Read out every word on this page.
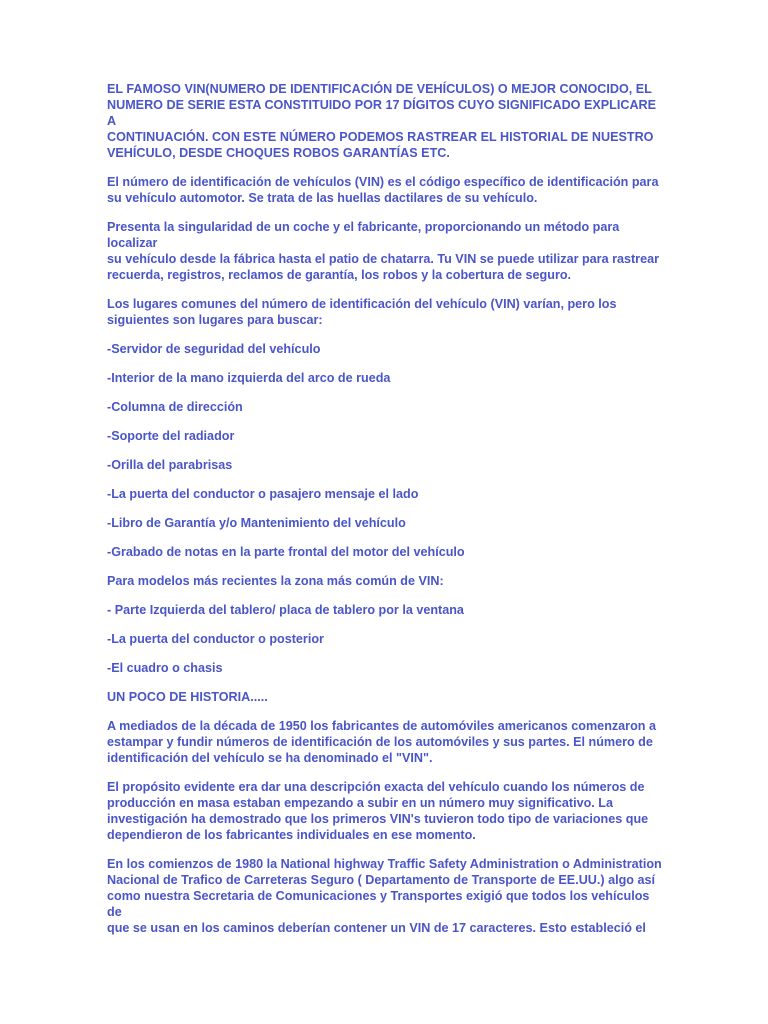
EL FAMOSO VIN(NUMERO DE IDENTIFICACIÓN DE VEHÍCULOS) O MEJOR CONOCIDO, EL
NUMERO DE SERIE ESTA CONSTITUIDO POR 17 DÍGITOS CUYO SIGNIFICADO EXPLICARE A
CONTINUACIÓN. CON ESTE NÚMERO PODEMOS RASTREAR EL HISTORIAL DE NUESTRO
VEHÍCULO, DESDE CHOQUES ROBOS GARANTÍAS ETC.

El número de identificación de vehículos (VIN) es el código específico de identificación para
su vehículo automotor. Se trata de las huellas dactilares de su vehículo.

Presenta la singularidad de un coche y el fabricante, proporcionando un método para localizar
su vehículo desde la fábrica hasta el patio de chatarra. Tu VIN se puede utilizar para rastrear
recuerda, registros, reclamos de garantía, los robos y la cobertura de seguro.

Los lugares comunes del número de identificación del vehículo (VIN) varían, pero los
siguientes son lugares para buscar:

-Servidor de seguridad del vehículo

-Interior de la mano izquierda del arco de rueda

-Columna de dirección

-Soporte del radiador

-Orilla del parabrisas

-La puerta del conductor o pasajero mensaje el lado

-Libro de Garantía y/o Mantenimiento del vehículo

-Grabado de notas en la parte frontal del motor del vehículo

Para modelos más recientes la zona más común de VIN:

- Parte Izquierda del tablero/ placa de tablero por la ventana

-La puerta del conductor o posterior

-El cuadro o chasis

UN POCO DE HISTORIA.....

A mediados de la década de 1950 los fabricantes de automóviles americanos comenzaron a
estampar y fundir números de identificación de los automóviles y sus partes. El número de
identificación del vehículo se ha denominado el "VIN".

El propósito evidente era dar una descripción exacta del vehículo cuando los números de
producción en masa estaban empezando a subir en un número muy significativo. La
investigación ha demostrado que los primeros VIN's tuvieron todo tipo de variaciones que
dependieron de los fabricantes individuales en ese momento.

En los comienzos de 1980 la National highway Traffic Safety Administration o Administration
Nacional de Trafico de Carreteras Seguro ( Departamento de Transporte de EE.UU.) algo así
como nuestra Secretaria de Comunicaciones y Transportes exigió que todos los vehículos de
que se usan en los caminos deberían contener un VIN de 17 caracteres. Esto estableció el
